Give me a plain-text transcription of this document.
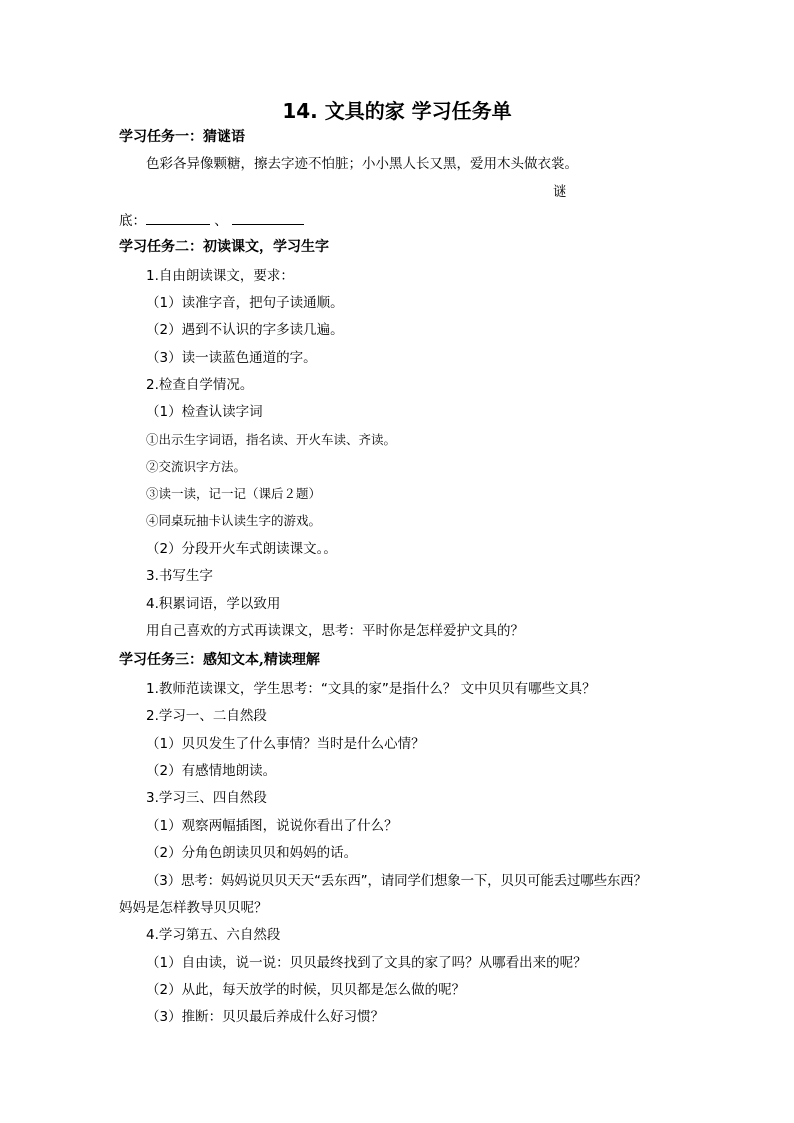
14. 文具的家 学习任务单
学习任务一：猜谜语
色彩各异像颗糖，擦去字迹不怕脏；小小黑人长又黑，爱用木头做衣裳。
谜
底：	、
学习任务二：初读课文，学习生字
1.自由朗读课文，要求：
（1）读准字音，把句子读通顺。
（2）遇到不认识的字多读几遍。
（3）读一读蓝色通道的字。
2.检查自学情况。
（1）检查认读字词
①出示生字词语，指名读、开火车读、齐读。
②交流识字方法。
③读一读，记一记（课后２题）
④同桌玩抽卡认读生字的游戏。
（2）分段开火车式朗读课文。。
3.书写生字
4.积累词语，学以致用
用自己喜欢的方式再读课文，思考：平时你是怎样爱护文具的？
学习任务三：感知文本,精读理解
1.教师范读课文，学生思考：“文具的家”是指什么？ 文中贝贝有哪些文具？
2.学习一、二自然段
（1）贝贝发生了什么事情？当时是什么心情？
（2）有感情地朗读。
3.学习三、四自然段
（1）观察两幅插图，说说你看出了什么？
（2）分角色朗读贝贝和妈妈的话。
（3）思考：妈妈说贝贝天天“丢东西”，请同学们想象一下，贝贝可能丢过哪些东西？
妈妈是怎样教导贝贝呢？
4.学习第五、六自然段
（1）自由读，说一说：贝贝最终找到了文具的家了吗？从哪看出来的呢？
（2）从此，每天放学的时候，贝贝都是怎么做的呢？
（3）推断：贝贝最后养成什么好习惯？
